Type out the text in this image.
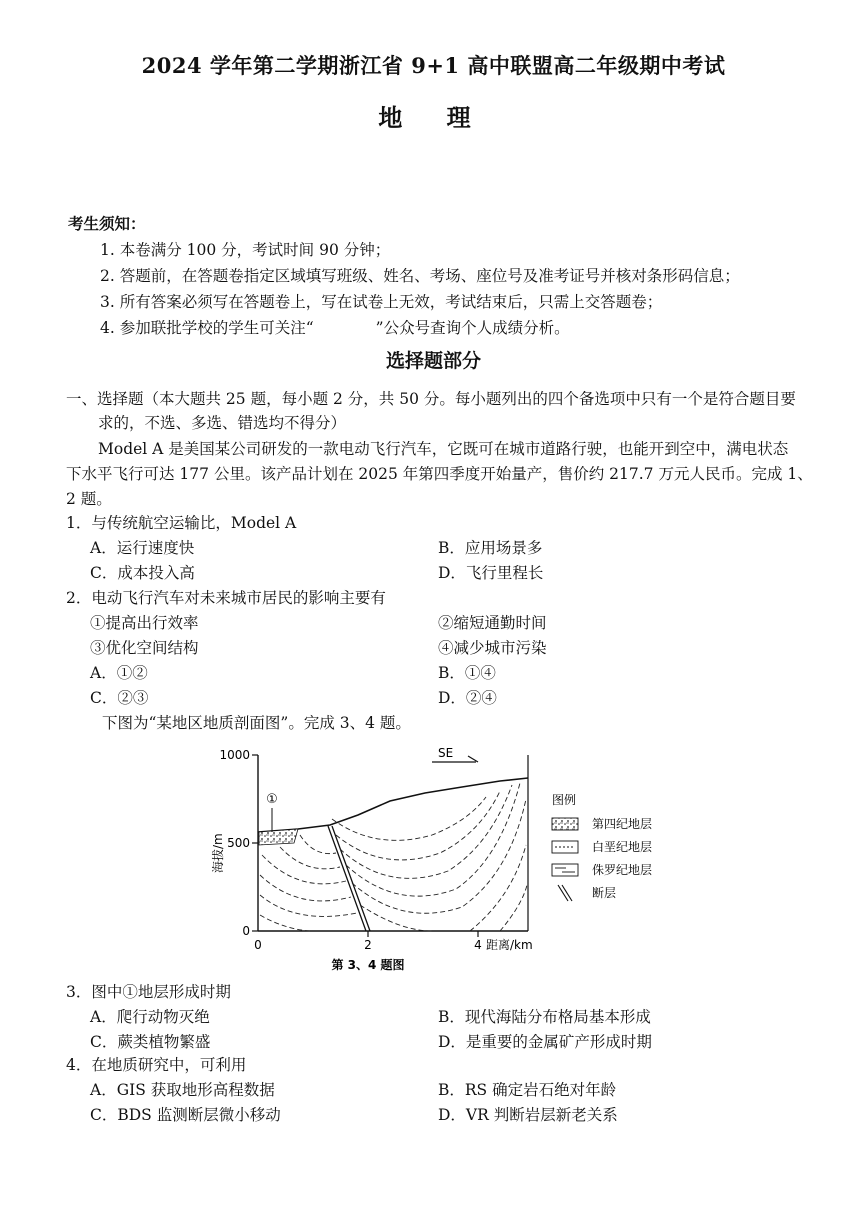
2024 学年第二学期浙江省 9+1 高中联盟高二年级期中考试
地 理
考生须知：
1. 本卷满分 100 分，考试时间 90 分钟；
2. 答题前，在答题卷指定区域填写班级、姓名、考场、座位号及准考证号并核对条形码信息；
3. 所有答案必须写在答题卷上，写在试卷上无效，考试结束后，只需上交答题卷；
4. 参加联批学校的学生可关注“	”公众号查询个人成绩分析。
选择题部分
一、选择题（本大题共 25 题，每小题 2 分，共 50 分。每小题列出的四个备选项中只有一个是符合题目要
求的，不选、多选、错选均不得分）
Model A 是美国某公司研发的一款电动飞行汽车，它既可在城市道路行驶，也能开到空中，满电状态
下水平飞行可达 177 公里。该产品计划在 2025 年第四季度开始量产，售价约 217.7 万元人民币。完成 1、
2 题。
1．与传统航空运输比，Model A
A．运行速度快	B．应用场景多
C．成本投入高	D．飞行里程长
2．电动飞行汽车对未来城市居民的影响主要有
①提高出行效率	②缩短通勤时间
③优化空间结构	④减少城市污染
A．①②	B．①④
C．②③	D．②④
下图为“某地区地质剖面图”。完成 3、4 题。
1000
500
0
0	2	4 距离/km
海拔/m
SE
①
第 3、4 题图
图例
第四纪地层
白垩纪地层
侏罗纪地层
断层
3．图中①地层形成时期
A．爬行动物灭绝	B．现代海陆分布格局基本形成
C．蕨类植物繁盛	D．是重要的金属矿产形成时期
4．在地质研究中，可利用
A．GIS 获取地形高程数据	B．RS 确定岩石绝对年龄
C．BDS 监测断层微小移动	D．VR 判断岩层新老关系
